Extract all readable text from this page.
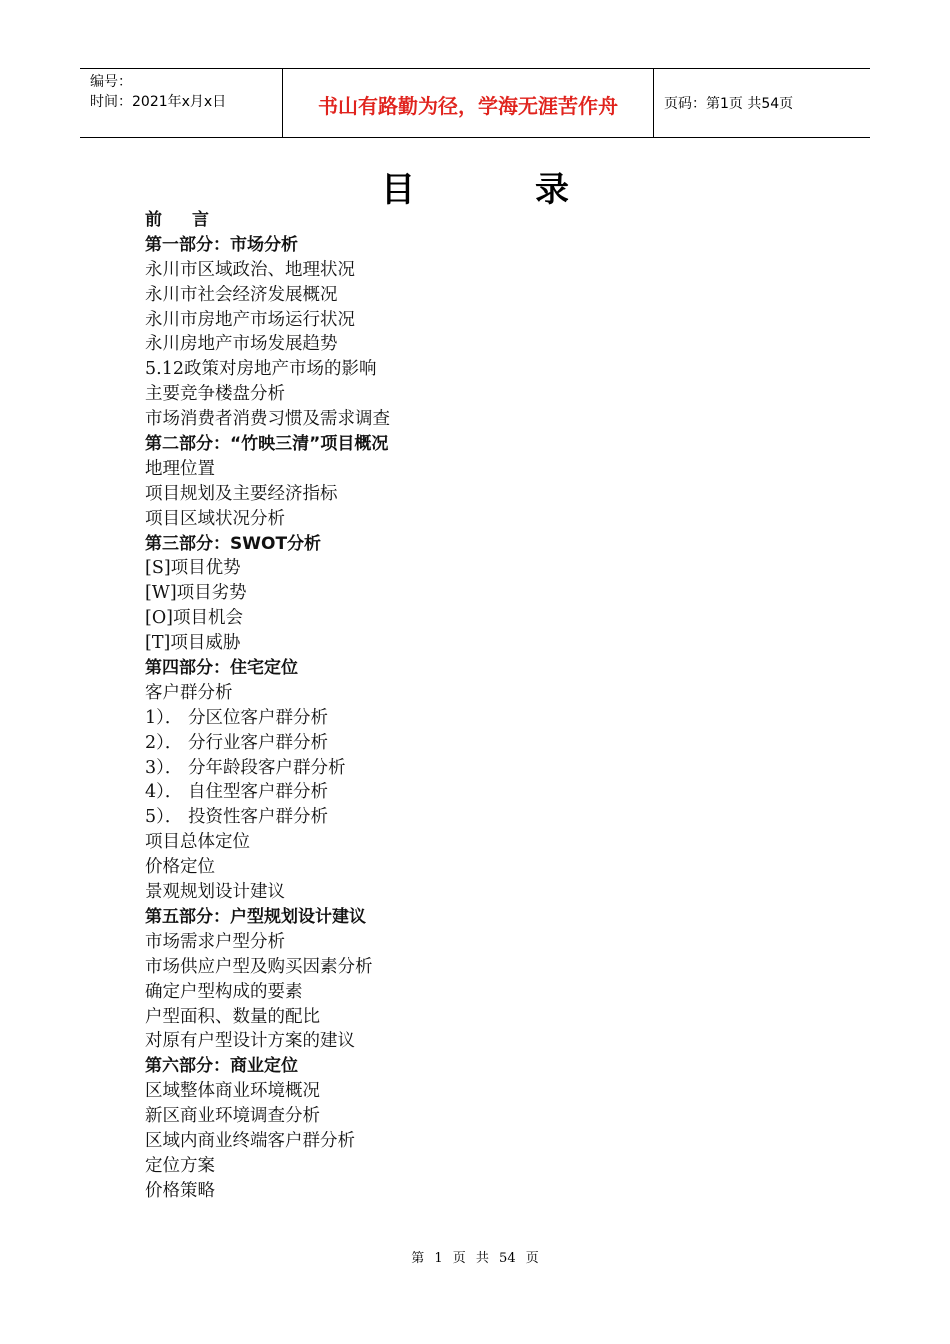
编号：
时间：2021年x月x日	书山有路勤为径，学海无涯苦作舟	页码：第1页 共54页
目录
前言
第一部分：市场分析
永川市区域政治、地理状况
永川市社会经济发展概况
永川市房地产市场运行状况
永川房地产市场发展趋势
5.12政策对房地产市场的影响
主要竞争楼盘分析
市场消费者消费习惯及需求调查
第二部分：“竹映三清”项目概况
地理位置
项目规划及主要经济指标
项目区域状况分析
第三部分：SWOT分析
[S]项目优势
[W]项目劣势
[O]项目机会
[T]项目威胁
第四部分：住宅定位
客户群分析
1）． 分区位客户群分析
2）． 分行业客户群分析
3）． 分年龄段客户群分析
4）． 自住型客户群分析
5）． 投资性客户群分析
项目总体定位
价格定位
景观规划设计建议
第五部分：户型规划设计建议
市场需求户型分析
市场供应户型及购买因素分析
确定户型构成的要素
户型面积、数量的配比
对原有户型设计方案的建议
第六部分：商业定位
区域整体商业环境概况
新区商业环境调查分析
区域内商业终端客户群分析
定位方案
价格策略
第 1 页 共 54 页
